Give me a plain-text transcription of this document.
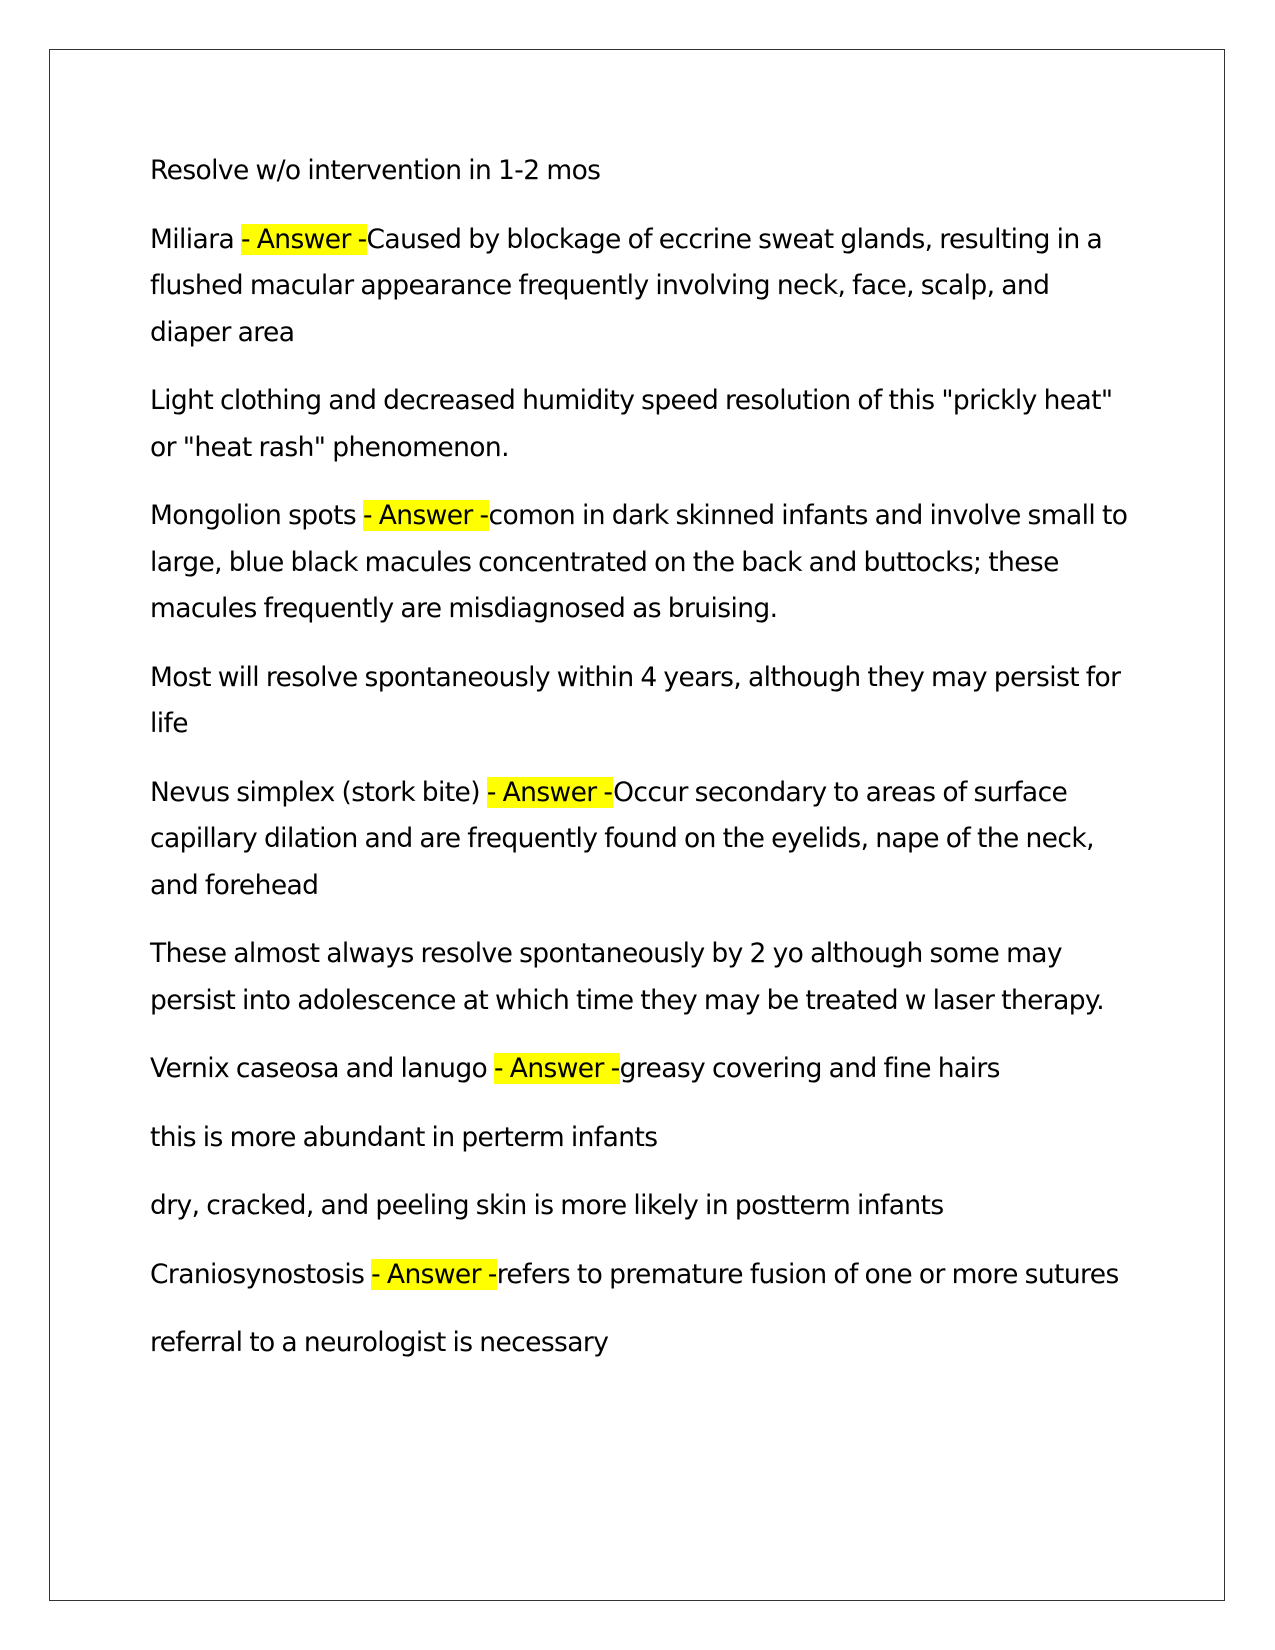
Resolve w/o intervention in 1-2 mos

Miliara - Answer -Caused by blockage of eccrine sweat glands, resulting in a flushed macular appearance frequently involving neck, face, scalp, and diaper area

Light clothing and decreased humidity speed resolution of this "prickly heat" or "heat rash" phenomenon.

Mongolion spots - Answer -comon in dark skinned infants and involve small to large, blue black macules concentrated on the back and buttocks; these macules frequently are misdiagnosed as bruising.

Most will resolve spontaneously within 4 years, although they may persist for life

Nevus simplex (stork bite) - Answer -Occur secondary to areas of surface capillary dilation and are frequently found on the eyelids, nape of the neck, and forehead

These almost always resolve spontaneously by 2 yo although some may persist into adolescence at which time they may be treated w laser therapy.

Vernix caseosa and lanugo - Answer -greasy covering and fine hairs

this is more abundant in perterm infants

dry, cracked, and peeling skin is more likely in postterm infants

Craniosynostosis - Answer -refers to premature fusion of one or more sutures

referral to a neurologist is necessary
